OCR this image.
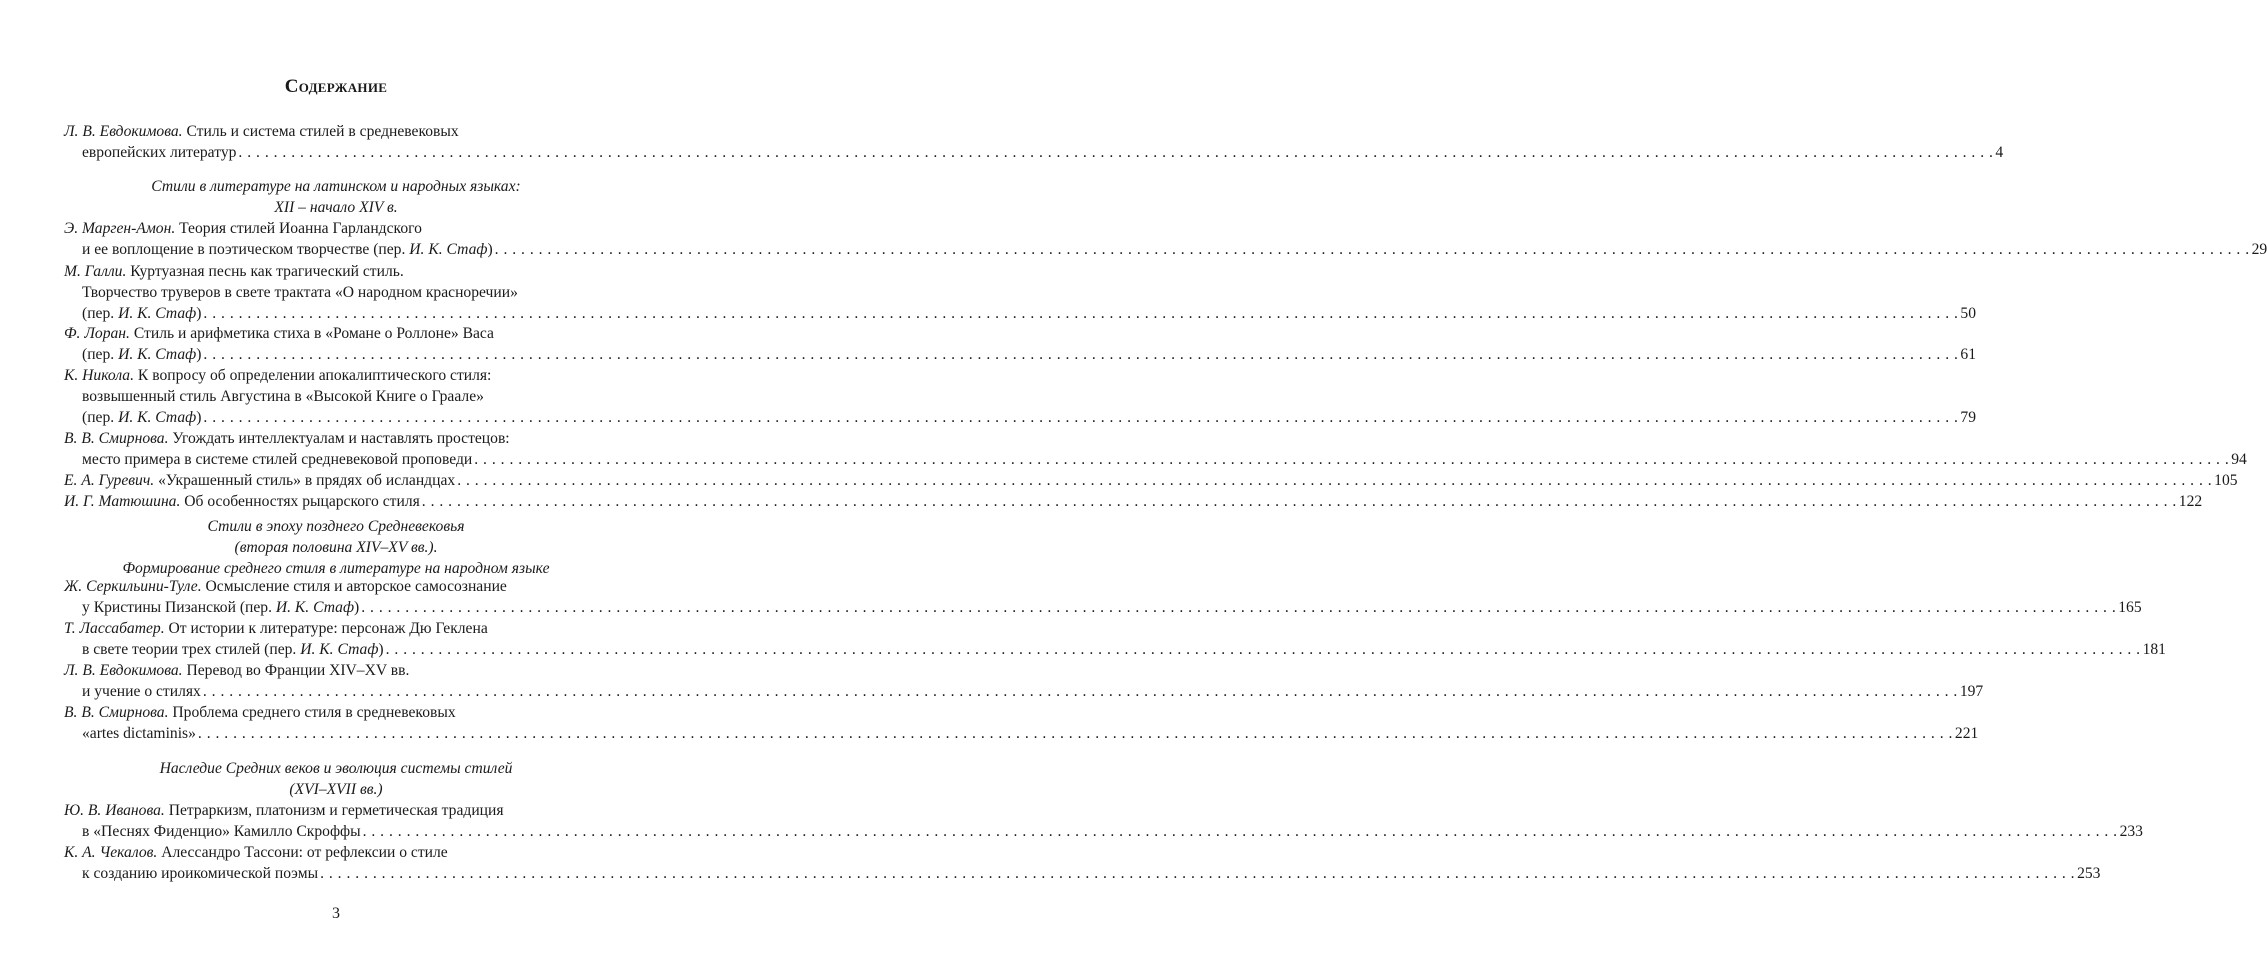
Содержание
Стили в литературе на латинском и народных языках:
XII – начало XIV в.
Стили в эпоху позднего Средневековья
(вторая половина XIV–XV вв.).
Формирование среднего стиля в литературе на народном языке
Наследие Средних веков и эволюция системы стилей
(XVI–XVII вв.)
Л. В. Евдокимова. Стиль и система стилей в средневековых
европейских литератур . . . . . . . . . . . . . . . . . . . . . . . . . . . . . . . . . . . . . . . . . . . . . . . . . . . . . . . . . . . . . . . . . . . . . . . . . . . . . . . . . . . . . . . . . . . . . . . . . . . . . . . . . . . . . . . . . . . . . . . . . . . . . . . . . . . . . . . . . . . . . . . . . . . . . . . . . . . . . . . . . . . . . . . . . . . . . . . . . . . . . . . . . . . . . . . . . . . . . . . . 4
Э. Марген-Амон. Теория стилей Иоанна Гарландского
и ее воплощение в поэтическом творчестве (пер. И. К. Стаф) . . . . . . . . . . . . . . . . . . . . . . . . . . . . . . . . . . . . . . . . . . . . . . . . . . . . . . . . . . . . . . . . . . . . . . . . . . . . . . . . . . . . . . . . . . . . . . . . . . . . . . . . . . . . . . . . . . . . . . . . . . . . . . . . . . . . . . . . . . . . . . . . . . . . . . . . . . . . . . . . . . . . . . . . . . . . . . . . . . . . . . . . . . . . . . . . . . . . . . . . 29
М. Галли. Куртуазная песнь как трагический стиль.
Творчество труверов в свете трактата «О народном красноречии»
(пер. И. К. Стаф) . . . . . . . . . . . . . . . . . . . . . . . . . . . . . . . . . . . . . . . . . . . . . . . . . . . . . . . . . . . . . . . . . . . . . . . . . . . . . . . . . . . . . . . . . . . . . . . . . . . . . . . . . . . . . . . . . . . . . . . . . . . . . . . . . . . . . . . . . . . . . . . . . . . . . . . . . . . . . . . . . . . . . . . . . . . . . . . . . . . . . . . . . . . . . . . . . . . . . . . . 50
Ф. Лоран. Стиль и арифметика стиха в «Романе о Роллоне» Васа
(пер. И. К. Стаф) . . . . . . . . . . . . . . . . . . . . . . . . . . . . . . . . . . . . . . . . . . . . . . . . . . . . . . . . . . . . . . . . . . . . . . . . . . . . . . . . . . . . . . . . . . . . . . . . . . . . . . . . . . . . . . . . . . . . . . . . . . . . . . . . . . . . . . . . . . . . . . . . . . . . . . . . . . . . . . . . . . . . . . . . . . . . . . . . . . . . . . . . . . . . . . . . . . . . . . . . 61
К. Никола. К вопросу об определении апокалиптического стиля:
возвышенный стиль Августина в «Высокой Книге о Граале»
(пер. И. К. Стаф) . . . . . . . . . . . . . . . . . . . . . . . . . . . . . . . . . . . . . . . . . . . . . . . . . . . . . . . . . . . . . . . . . . . . . . . . . . . . . . . . . . . . . . . . . . . . . . . . . . . . . . . . . . . . . . . . . . . . . . . . . . . . . . . . . . . . . . . . . . . . . . . . . . . . . . . . . . . . . . . . . . . . . . . . . . . . . . . . . . . . . . . . . . . . . . . . . . . . . . . . 79
В. В. Смирнова. Угождать интеллектуалам и наставлять простецов:
место примера в системе стилей средневековой проповеди . . . . . . . . . . . . . . . . . . . . . . . . . . . . . . . . . . . . . . . . . . . . . . . . . . . . . . . . . . . . . . . . . . . . . . . . . . . . . . . . . . . . . . . . . . . . . . . . . . . . . . . . . . . . . . . . . . . . . . . . . . . . . . . . . . . . . . . . . . . . . . . . . . . . . . . . . . . . . . . . . . . . . . . . . . . . . . . . . . . . . . . . . . . . . . . . . . . . . . . . 94
Е. А. Гуревич. «Украшенный стиль» в прядях об исландцах . . . . . . . . . . . . . . . . . . . . . . . . . . . . . . . . . . . . . . . . . . . . . . . . . . . . . . . . . . . . . . . . . . . . . . . . . . . . . . . . . . . . . . . . . . . . . . . . . . . . . . . . . . . . . . . . . . . . . . . . . . . . . . . . . . . . . . . . . . . . . . . . . . . . . . . . . . . . . . . . . . . . . . . . . . . . . . . . . . . . . . . . . . . . . . . . . . . . . . . . 105
И. Г. Матюшина. Об особенностях рыцарского стиля . . . . . . . . . . . . . . . . . . . . . . . . . . . . . . . . . . . . . . . . . . . . . . . . . . . . . . . . . . . . . . . . . . . . . . . . . . . . . . . . . . . . . . . . . . . . . . . . . . . . . . . . . . . . . . . . . . . . . . . . . . . . . . . . . . . . . . . . . . . . . . . . . . . . . . . . . . . . . . . . . . . . . . . . . . . . . . . . . . . . . . . . . . . . . . . . . . . . . . . . 122
Ж. Серкильини-Туле. Осмысление стиля и авторское самосознание
у Кристины Пизанской (пер. И. К. Стаф) . . . . . . . . . . . . . . . . . . . . . . . . . . . . . . . . . . . . . . . . . . . . . . . . . . . . . . . . . . . . . . . . . . . . . . . . . . . . . . . . . . . . . . . . . . . . . . . . . . . . . . . . . . . . . . . . . . . . . . . . . . . . . . . . . . . . . . . . . . . . . . . . . . . . . . . . . . . . . . . . . . . . . . . . . . . . . . . . . . . . . . . . . . . . . . . . . . . . . . . . 165
Т. Лассабатер. От истории к литературе: персонаж Дю Геклена
в свете теории трех стилей (пер. И. К. Стаф) . . . . . . . . . . . . . . . . . . . . . . . . . . . . . . . . . . . . . . . . . . . . . . . . . . . . . . . . . . . . . . . . . . . . . . . . . . . . . . . . . . . . . . . . . . . . . . . . . . . . . . . . . . . . . . . . . . . . . . . . . . . . . . . . . . . . . . . . . . . . . . . . . . . . . . . . . . . . . . . . . . . . . . . . . . . . . . . . . . . . . . . . . . . . . . . . . . . . . . . . 181
Л. В. Евдокимова. Перевод во Франции XIV–XV вв.
и учение о стилях . . . . . . . . . . . . . . . . . . . . . . . . . . . . . . . . . . . . . . . . . . . . . . . . . . . . . . . . . . . . . . . . . . . . . . . . . . . . . . . . . . . . . . . . . . . . . . . . . . . . . . . . . . . . . . . . . . . . . . . . . . . . . . . . . . . . . . . . . . . . . . . . . . . . . . . . . . . . . . . . . . . . . . . . . . . . . . . . . . . . . . . . . . . . . . . . . . . . . . . . 197
В. В. Смирнова. Проблема среднего стиля в средневековых
«artes dictaminis» . . . . . . . . . . . . . . . . . . . . . . . . . . . . . . . . . . . . . . . . . . . . . . . . . . . . . . . . . . . . . . . . . . . . . . . . . . . . . . . . . . . . . . . . . . . . . . . . . . . . . . . . . . . . . . . . . . . . . . . . . . . . . . . . . . . . . . . . . . . . . . . . . . . . . . . . . . . . . . . . . . . . . . . . . . . . . . . . . . . . . . . . . . . . . . . . . . . . . . . . 221
Ю. В. Иванова. Петраркизм, платонизм и герметическая традиция
в «Песнях Фиденцио» Камилло Скроффы . . . . . . . . . . . . . . . . . . . . . . . . . . . . . . . . . . . . . . . . . . . . . . . . . . . . . . . . . . . . . . . . . . . . . . . . . . . . . . . . . . . . . . . . . . . . . . . . . . . . . . . . . . . . . . . . . . . . . . . . . . . . . . . . . . . . . . . . . . . . . . . . . . . . . . . . . . . . . . . . . . . . . . . . . . . . . . . . . . . . . . . . . . . . . . . . . . . . . . . . 233
К. А. Чекалов. Алессандро Тассони: от рефлексии о стиле
к созданию ироикомической поэмы . . . . . . . . . . . . . . . . . . . . . . . . . . . . . . . . . . . . . . . . . . . . . . . . . . . . . . . . . . . . . . . . . . . . . . . . . . . . . . . . . . . . . . . . . . . . . . . . . . . . . . . . . . . . . . . . . . . . . . . . . . . . . . . . . . . . . . . . . . . . . . . . . . . . . . . . . . . . . . . . . . . . . . . . . . . . . . . . . . . . . . . . . . . . . . . . . . . . . . . . 253
3
